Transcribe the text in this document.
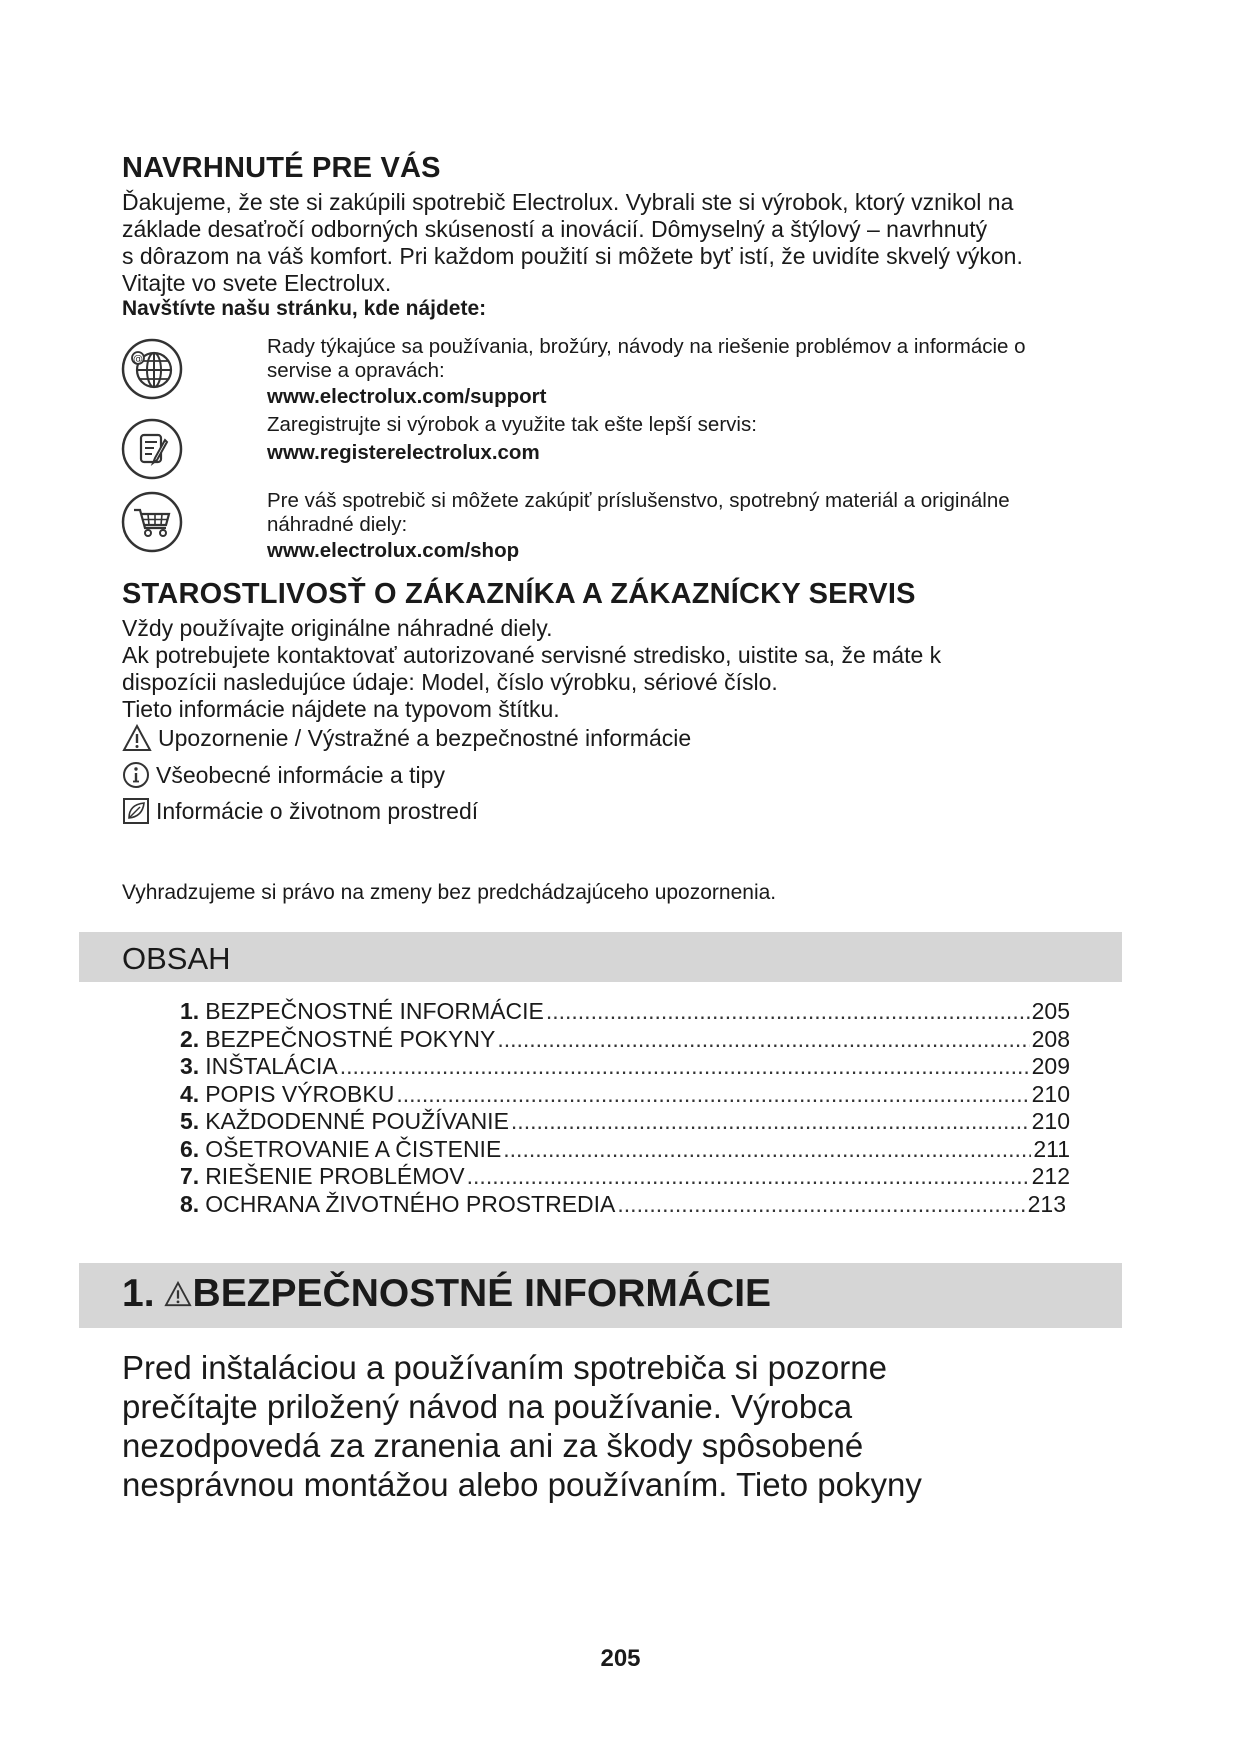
NAVRHNUTÉ PRE VÁS
Ďakujeme, že ste si zakúpili spotrebič Electrolux. Vybrali ste si výrobok, ktorý vznikol na
základe desaťročí odborných skúseností a inovácií. Dômyselný a štýlový – navrhnutý
s dôrazom na váš komfort. Pri každom použití si môžete byť istí, že uvidíte skvelý výkon.
Vitajte vo svete Electrolux.
Navštívte našu stránku, kde nájdete:
@
Rady týkajúce sa používania, brožúry, návody na riešenie problémov a informácie o
servise a opravách:
www.electrolux.com/support
Zaregistrujte si výrobok a využite tak ešte lepší servis:
www.registerelectrolux.com
Pre váš spotrebič si môžete zakúpiť príslušenstvo, spotrebný materiál a originálne
náhradné diely:
www.electrolux.com/shop
STAROSTLIVOSŤ O ZÁKAZNÍKA A ZÁKAZNÍCKY SERVIS
Vždy používajte originálne náhradné diely.
Ak potrebujete kontaktovať autorizované servisné stredisko, uistite sa, že máte k
dispozícii nasledujúce údaje: Model, číslo výrobku, sériové číslo.
Tieto informácie nájdete na typovom štítku.
Upozornenie / Výstražné a bezpečnostné informácie
Všeobecné informácie a tipy
Informácie o životnom prostredí
Vyhradzujeme si právo na zmeny bez predchádzajúceho upozornenia.
OBSAH
1. BEZPEČNOSTNÉ INFORMÁCIE .....	205
2. BEZPEČNOSTNÉ POKYNY .....	208
3. INŠTALÁCIA .....	209
4. POPIS VÝROBKU .....	210
5. KAŽDODENNÉ POUŽÍVANIE .....	210
6. OŠETROVANIE A ČISTENIE .....	211
7. RIEŠENIE PROBLÉMOV .....	212
8. OCHRANA ŽIVOTNÉHO PROSTREDIA .....	213
1. BEZPEČNOSTNÉ INFORMÁCIE
Pred inštaláciou a používaním spotrebiča si pozorne
prečítajte priložený návod na používanie. Výrobca
nezodpovedá za zranenia ani za škody spôsobené
nesprávnou montážou alebo používaním. Tieto pokyny
205
